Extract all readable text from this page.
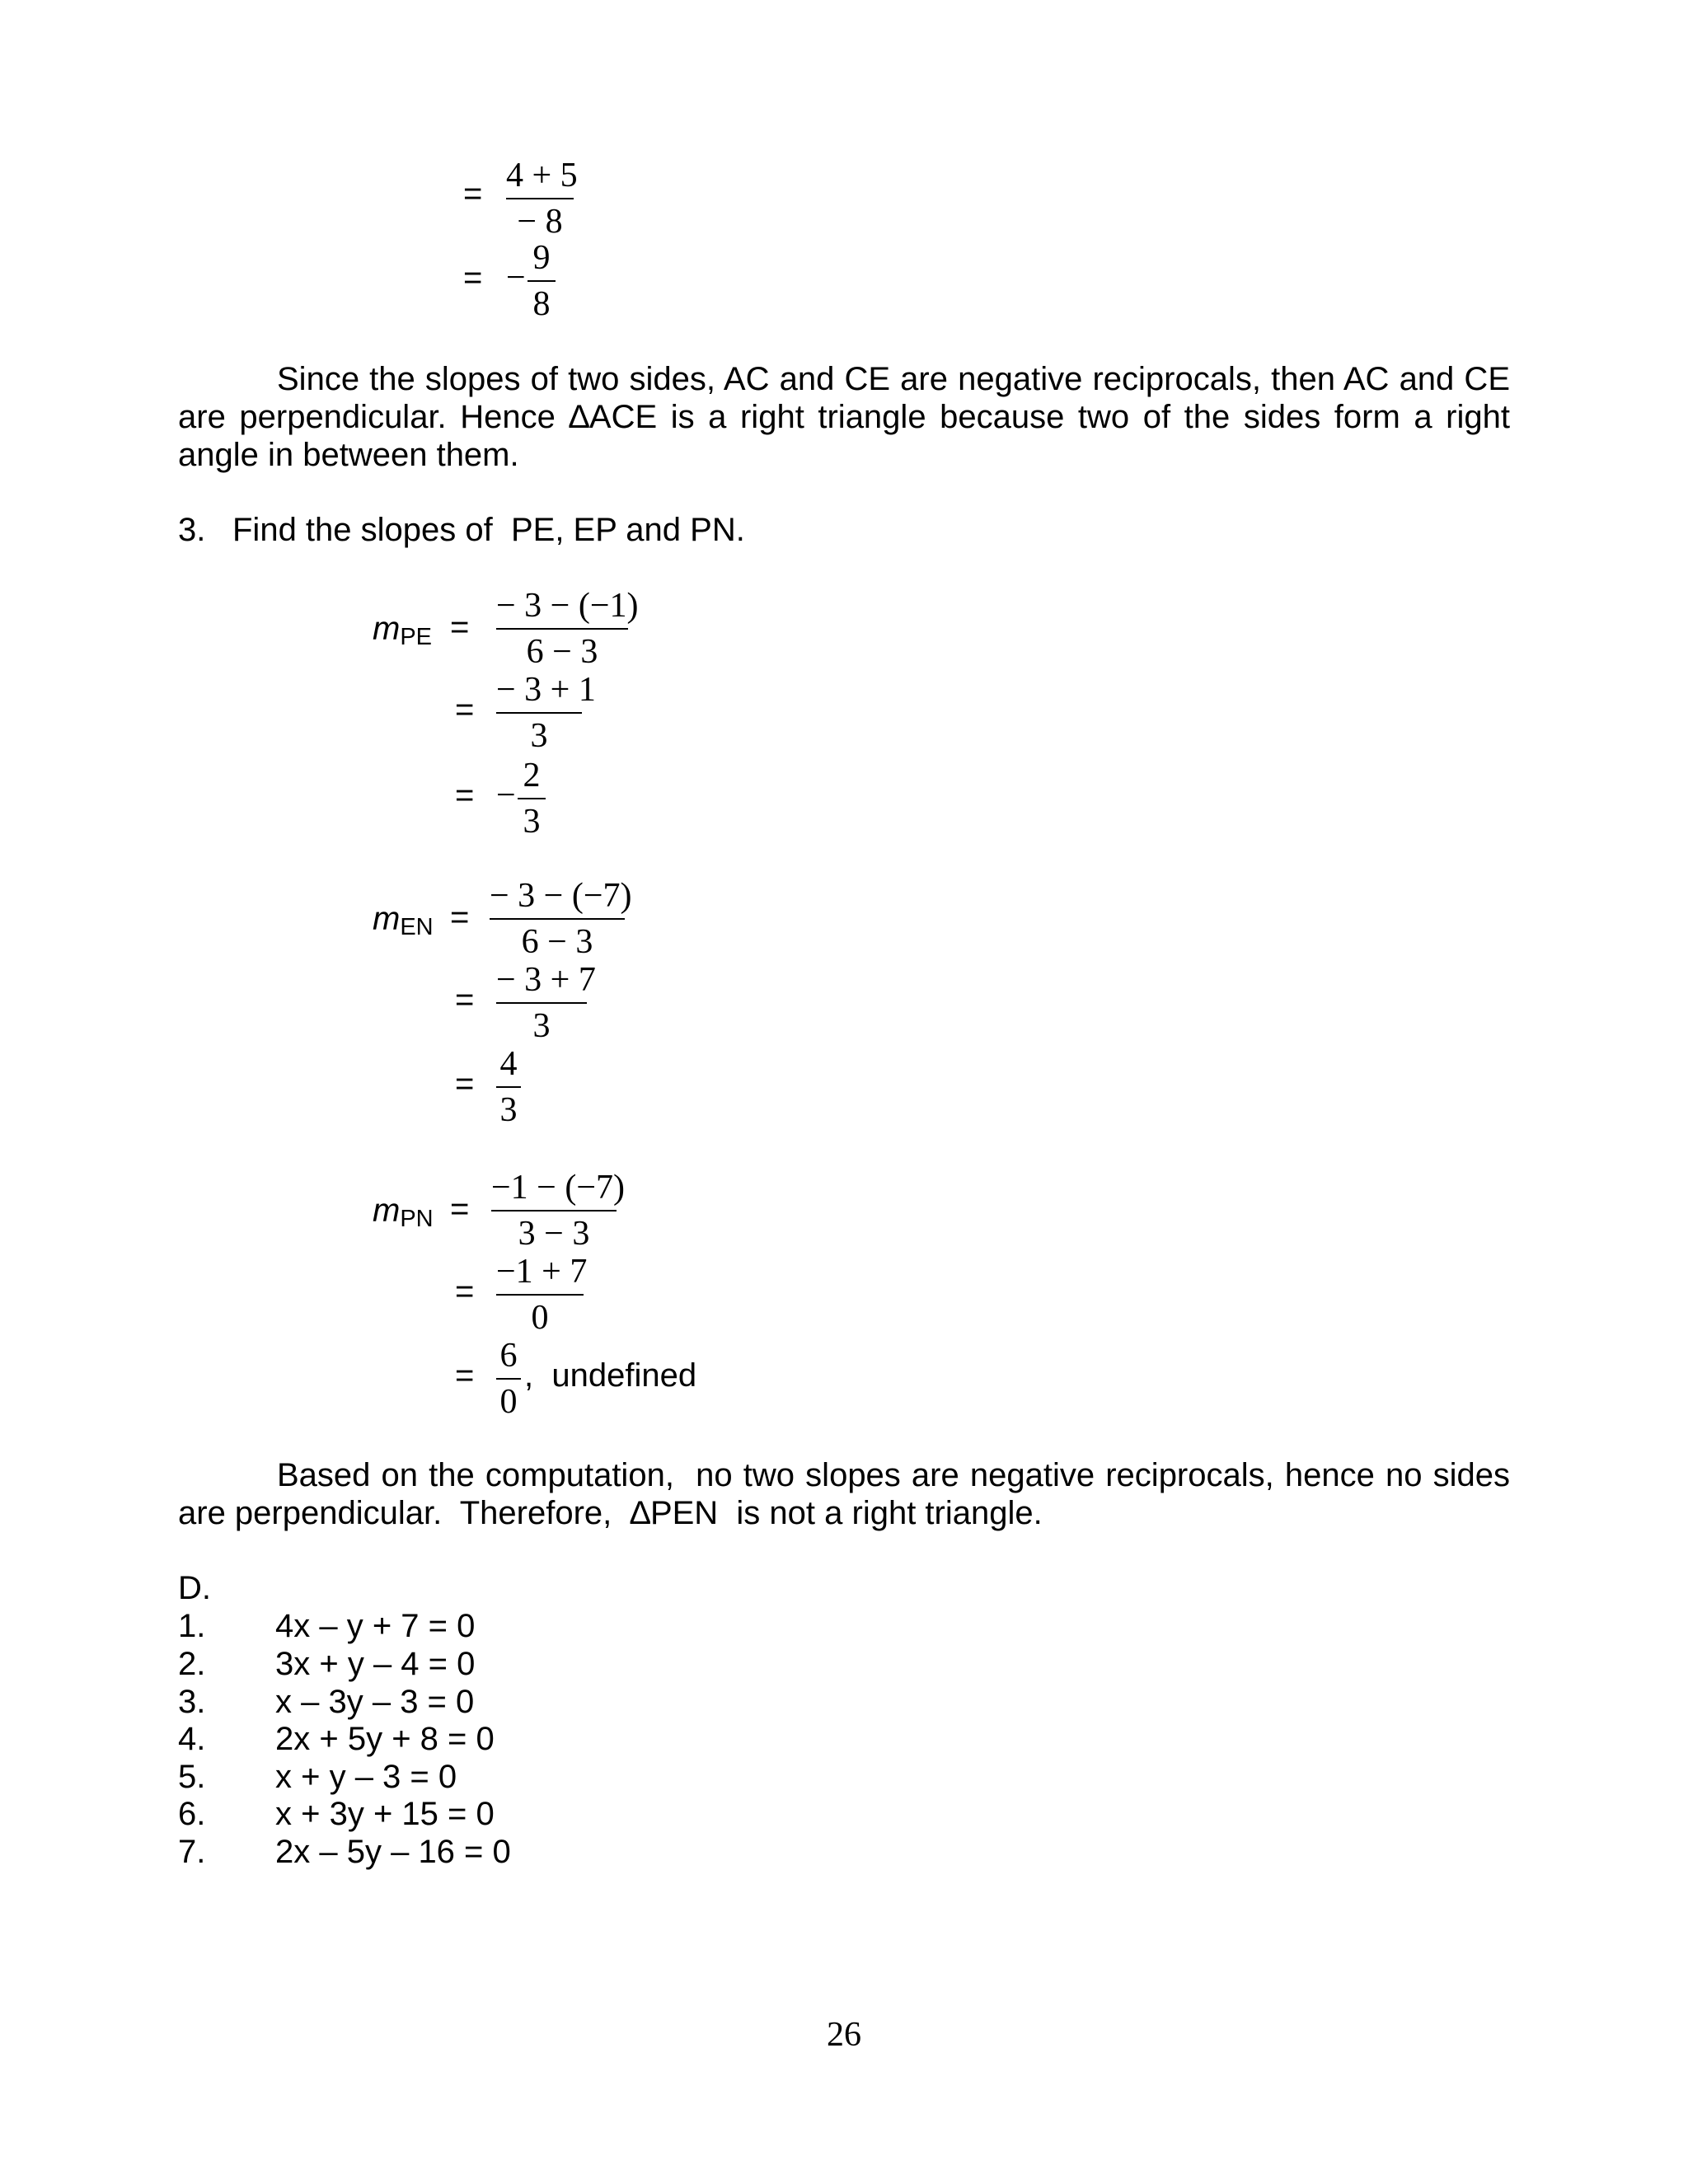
= 4 + 5
− 8
= −
9
8
Since the slopes of two sides, AC and CE are negative reciprocals, then AC and CE are perpendicular. Hence ∆ACE is a right triangle because two of the sides form a right angle in between them.
3. Find the slopes of  PE, EP and PN.
mPE =
− 3 − (−1)
6 − 3
=
− 3 + 1
3
= −
2
3
mEN =
− 3 − (−7)
6 − 3
=
− 3 + 7
3
=
4
3
mPN =
−1 − (−7)
3 − 3
=
−1 + 7
0
=
6
0
,  undefined
Based on the computation,  no two slopes are negative reciprocals, hence no sides are perpendicular.  Therefore,  ∆PEN  is not a right triangle.
D.
1. 4x – y + 7 = 0
2. 3x + y – 4 = 0
3. x – 3y – 3 = 0
4. 2x + 5y + 8 = 0
5. x + y – 3 = 0
6. x + 3y + 15 = 0
7. 2x – 5y – 16 = 0
26
